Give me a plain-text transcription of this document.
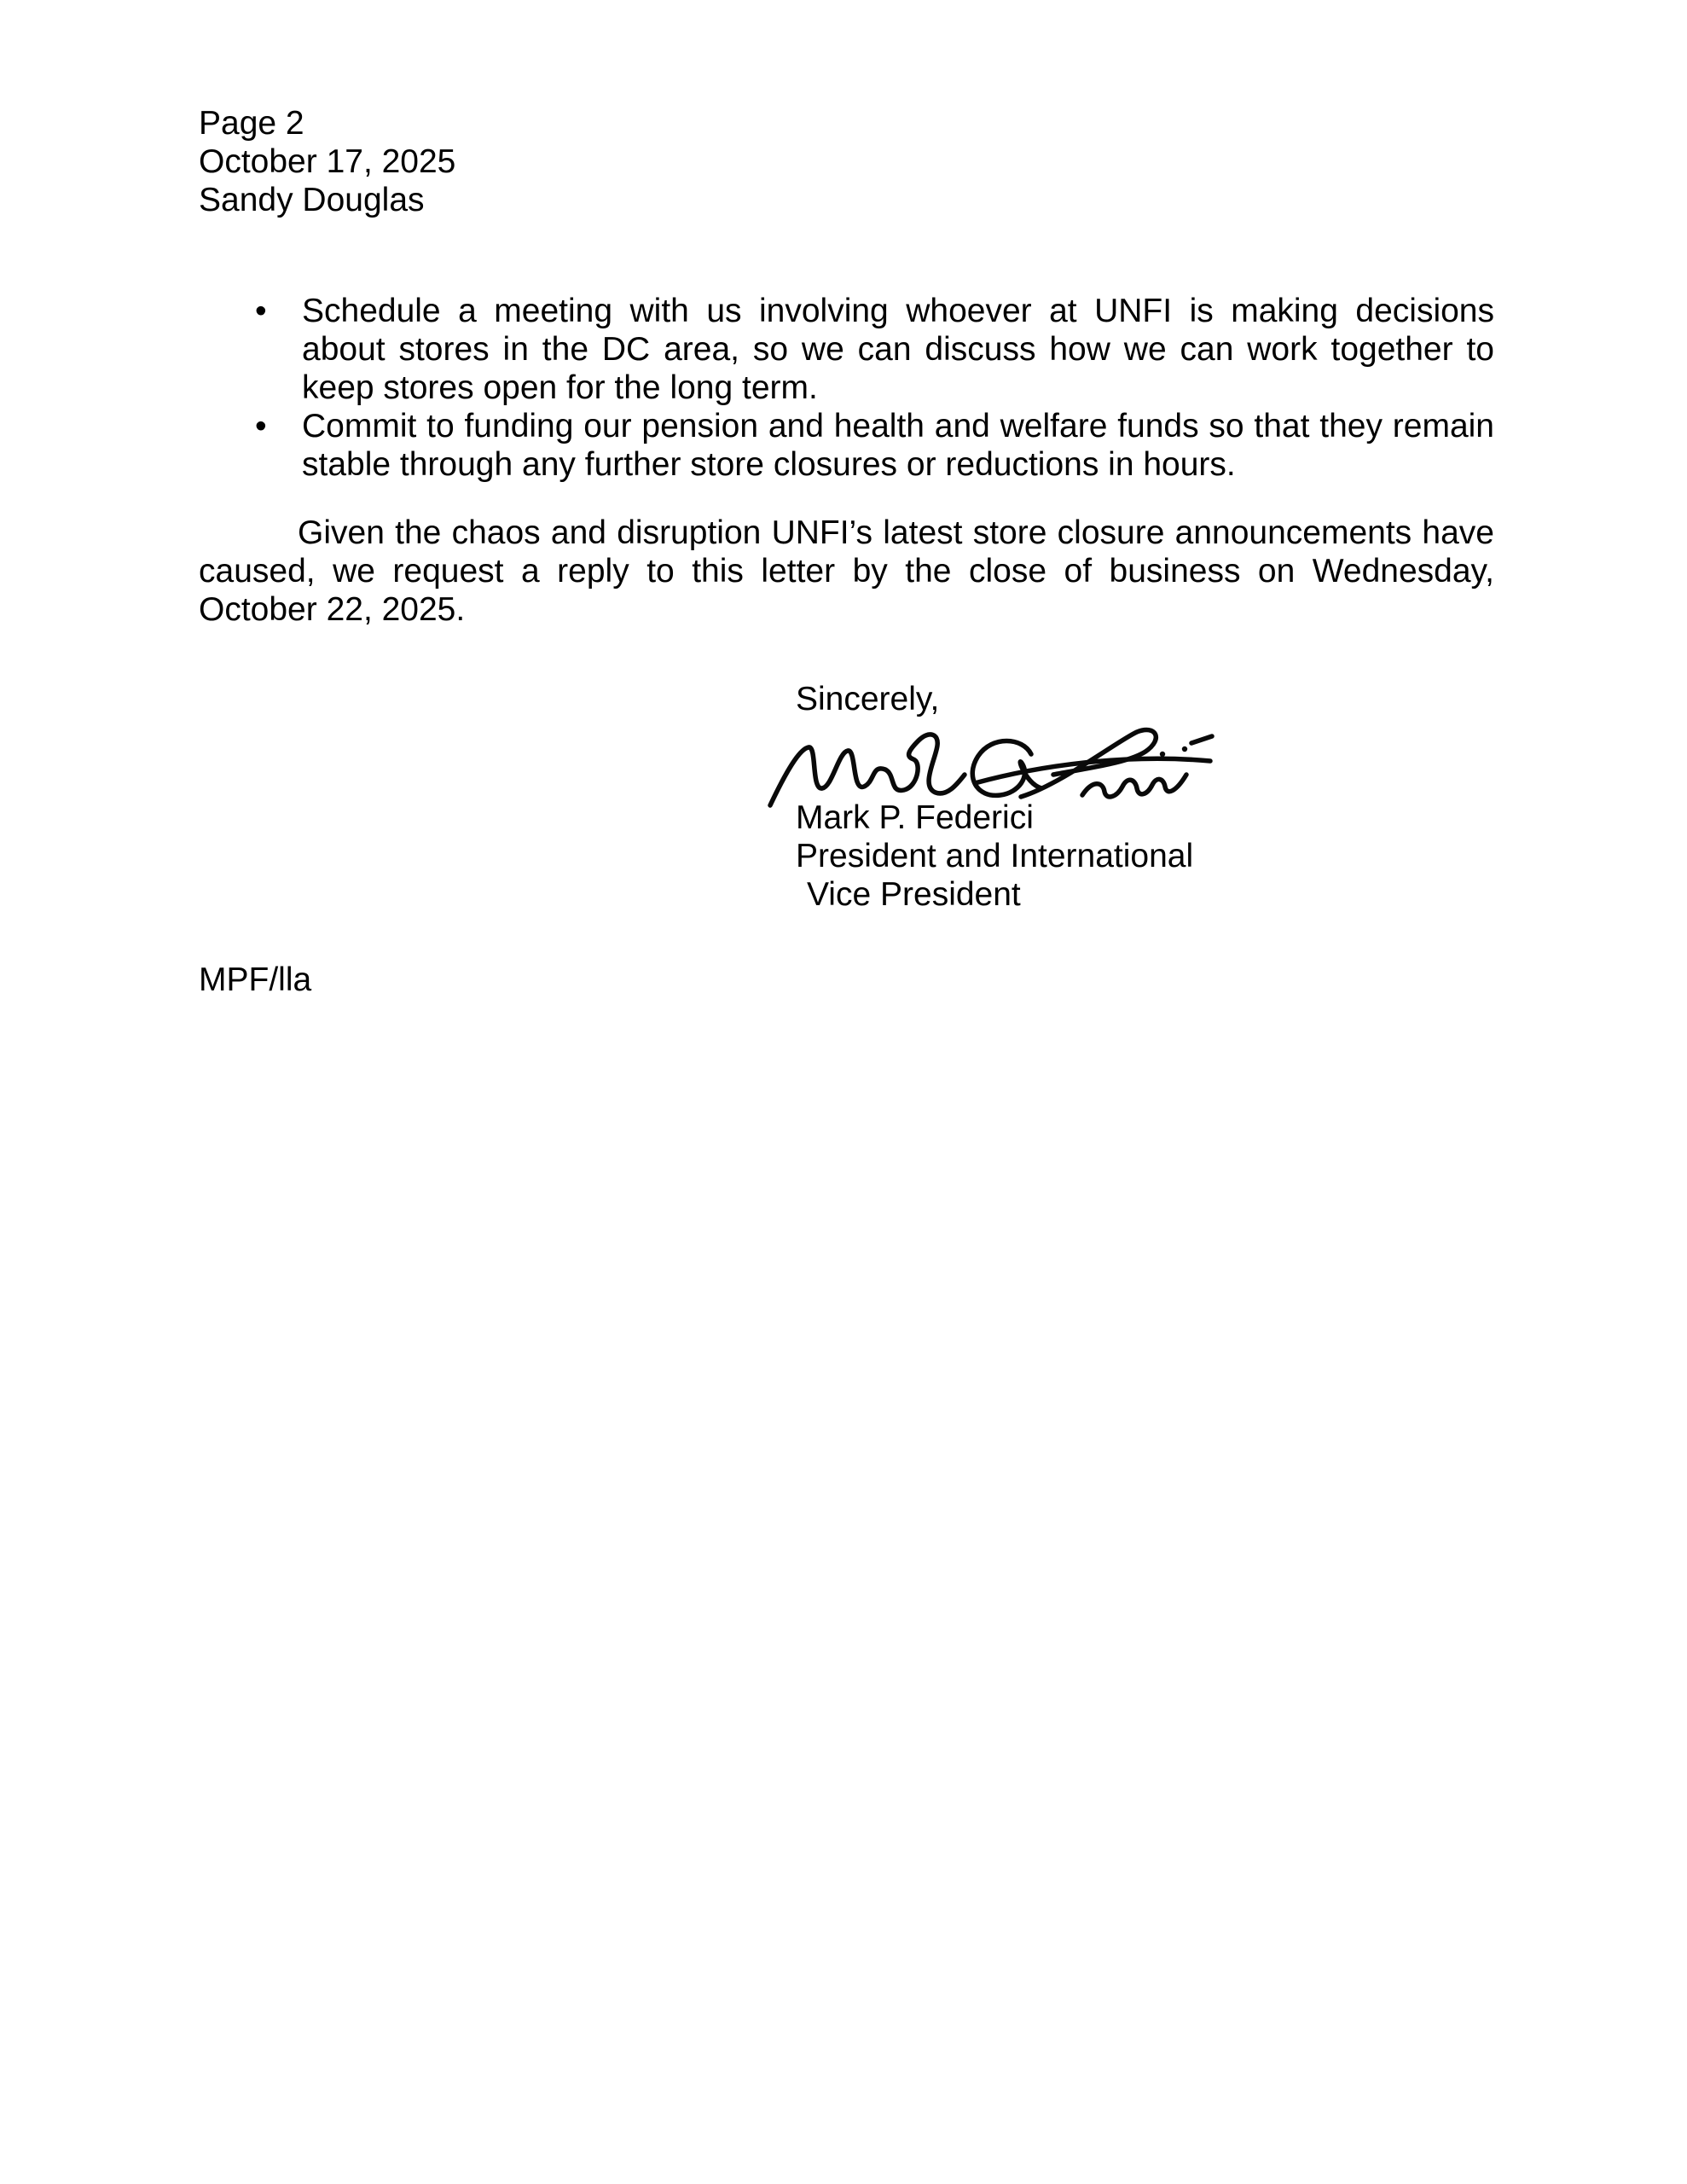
Page 2
October 17, 2025
Sandy Douglas
• Schedule a meeting with us involving whoever at UNFI is making decisions about stores in the DC area, so we can discuss how we can work together to keep stores open for the long term.
• Commit to funding our pension and health and welfare funds so that they remain stable through any further store closures or reductions in hours.

Given the chaos and disruption UNFI’s latest store closure announcements have caused, we request a reply to this letter by the close of business on Wednesday, October 22, 2025.

Sincerely,
Mark P. Federici
President and International
Vice President
MPF/lla
